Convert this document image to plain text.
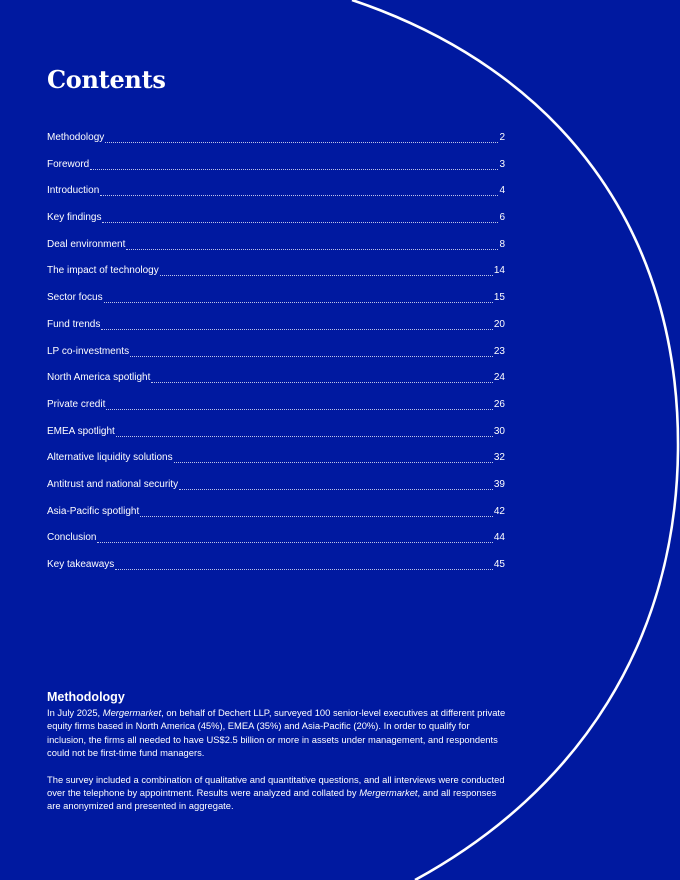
Contents
Methodology	2
Foreword	3
Introduction	4
Key findings	6
Deal environment	8
The impact of technology	14
Sector focus	15
Fund trends	20
LP co-investments	23
North America spotlight	24
Private credit	26
EMEA spotlight	30
Alternative liquidity solutions	32
Antitrust and national security	39
Asia-Pacific spotlight	42
Conclusion	44
Key takeaways	45
Methodology

In July 2025, Mergermarket, on behalf of Dechert LLP, surveyed 100 senior-level executives at different private equity firms based in North America (45%), EMEA (35%) and Asia-Pacific (20%). In order to qualify for inclusion, the firms all needed to have US$2.5 billion or more in assets under management, and respondents could not be first-time fund managers.

The survey included a combination of qualitative and quantitative questions, and all interviews were conducted over the telephone by appointment. Results were analyzed and collated by Mergermarket, and all responses are anonymized and presented in aggregate.
